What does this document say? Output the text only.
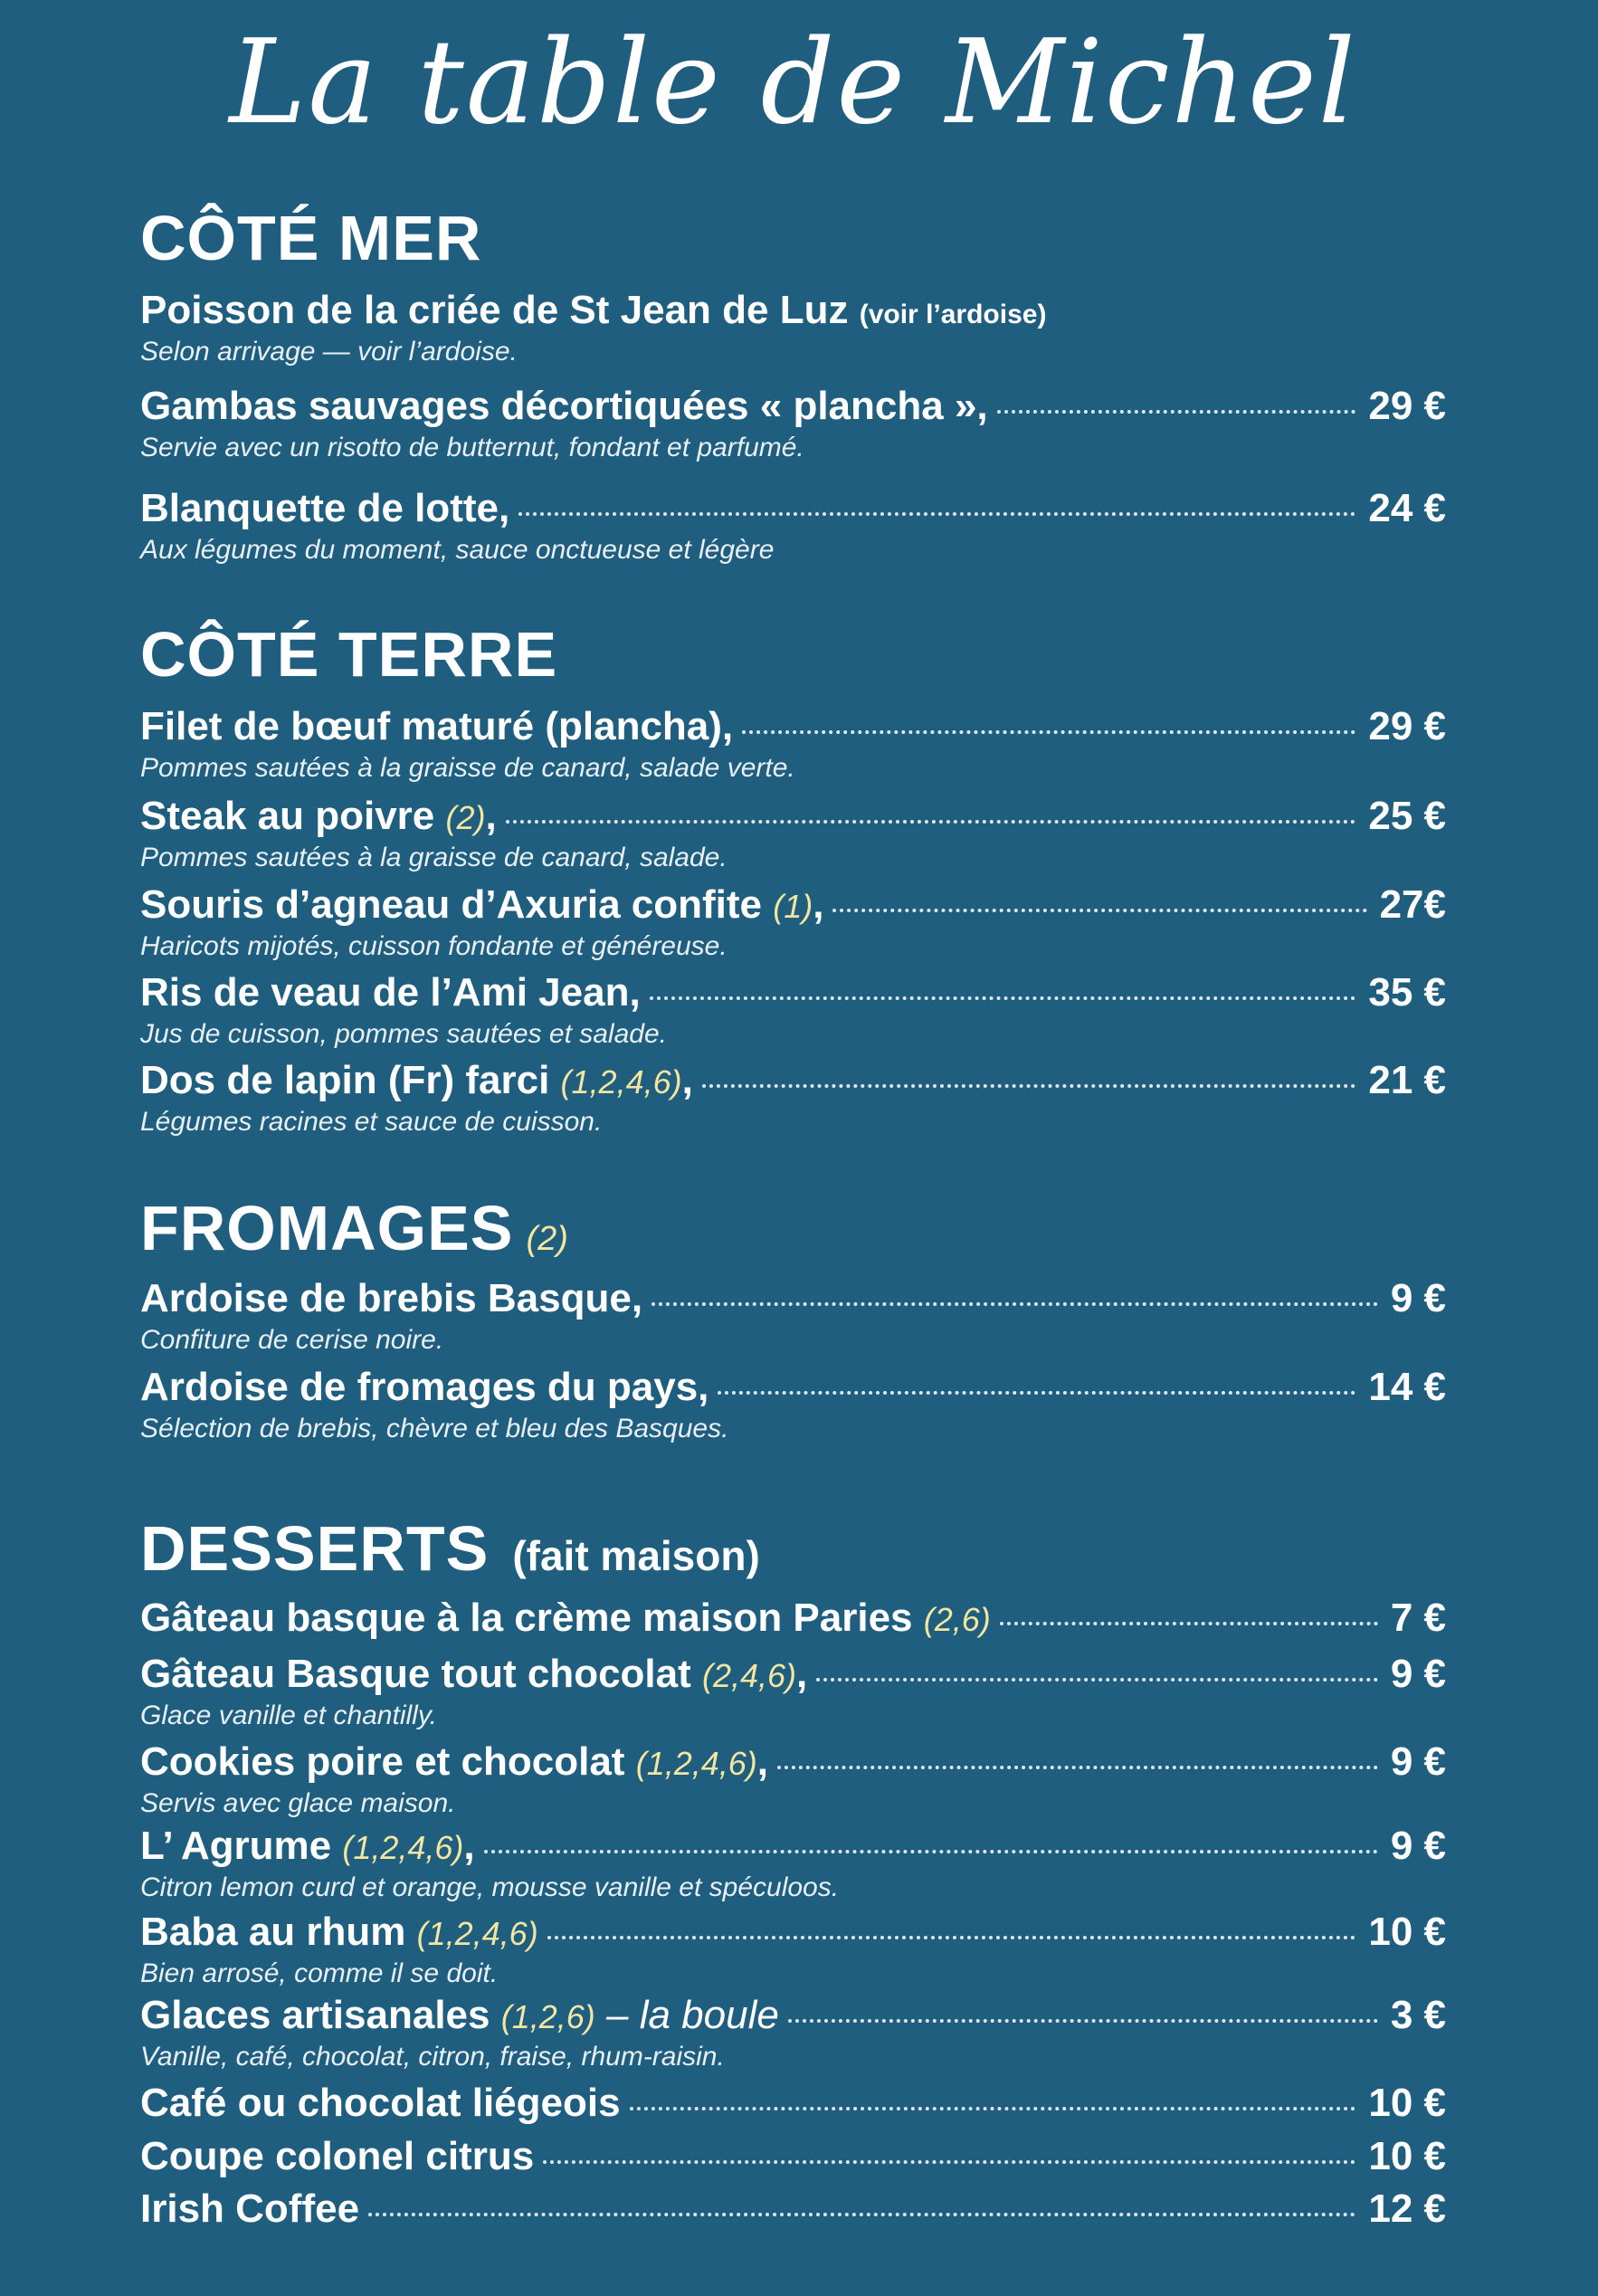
La table de Michel
CÔTÉ MER
Poisson de la criée de St Jean de Luz (voir l’ardoise)
Selon arrivage — voir l’ardoise.
Gambas sauvages décortiquées « plancha »,	29 €
Servie avec un risotto de butternut, fondant et parfumé.
Blanquette de lotte,	24 €
Aux légumes du moment, sauce onctueuse et légère
CÔTÉ TERRE
Filet de bœuf maturé (plancha),	29 €
Pommes sautées à la graisse de canard, salade verte.
Steak au poivre (2),	25 €
Pommes sautées à la graisse de canard, salade.
Souris d’agneau d’Axuria confite (1),	27€
Haricots mijotés, cuisson fondante et généreuse.
Ris de veau de l’Ami Jean,	35 €
Jus de cuisson, pommes sautées et salade.
Dos de lapin (Fr) farci (1,2,4,6),	21 €
Légumes racines et sauce de cuisson.
FROMAGES (2)
Ardoise de brebis Basque,	9 €
Confiture de cerise noire.
Ardoise de fromages du pays,	14 €
Sélection de brebis, chèvre et bleu des Basques.
DESSERTS (fait maison)
Gâteau basque à la crème maison Paries (2,6)	7 €
Gâteau Basque tout chocolat (2,4,6),	9 €
Glace vanille et chantilly.
Cookies poire et chocolat (1,2,4,6),	9 €
Servis avec glace maison.
L’ Agrume (1,2,4,6),	9 €
Citron lemon curd et orange, mousse vanille et spéculoos.
Baba au rhum (1,2,4,6)	10 €
Bien arrosé, comme il se doit.
Glaces artisanales (1,2,6) – la boule	3 €
Vanille, café, chocolat, citron, fraise, rhum-raisin.
Café ou chocolat liégeois	10 €
Coupe colonel citrus	10 €
Irish Coffee	12 €
